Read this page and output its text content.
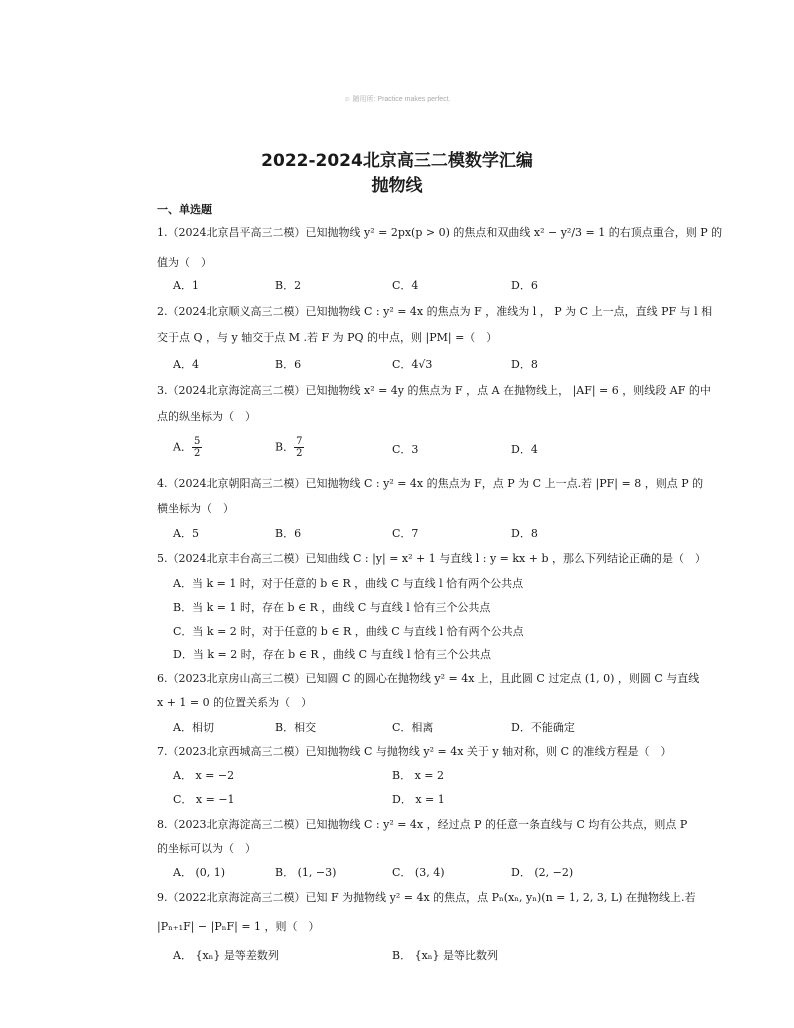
☺ 随用所: Practice makes perfect.
2022-2024北京高三二模数学汇编
抛物线
一、单选题
1.（2024北京昌平高三二模）已知抛物线 y² = 2px(p > 0) 的焦点和双曲线 x² − y²/3 = 1 的右顶点重合，则 P 的
值为（　）
A．1	B．2	C．4	D．6
2.（2024北京顺义高三二模）已知抛物线 C : y² = 4x 的焦点为 F ，准线为 l ， P 为 C 上一点，直线 PF 与 l 相
交于点 Q ，与 y 轴交于点 M .若 F 为 PQ 的中点，则 |PM| =（　）
A．4	B．6	C．4√3	D．8
3.（2024北京海淀高三二模）已知抛物线 x² = 4y 的焦点为 F ，点 A 在抛物线上， |AF| = 6 ，则线段 AF 的中
点的纵坐标为（　）
A． $\frac{5}{2}$	B． $\frac{7}{2}$	C．3	D．4
4.（2024北京朝阳高三二模）已知抛物线 C : y² = 4x 的焦点为 F，点 P 为 C 上一点.若 |PF| = 8 ，则点 P 的
横坐标为（　）
A．5	B．6	C．7	D．8
5.（2024北京丰台高三二模）已知曲线 C : |y| = x² + 1 与直线 l : y = kx + b ，那么下列结论正确的是（　）
A．当 k = 1 时，对于任意的 b ∈ R ，曲线 C 与直线 l 恰有两个公共点
B．当 k = 1 时，存在 b ∈ R ，曲线 C 与直线 l 恰有三个公共点
C．当 k = 2 时，对于任意的 b ∈ R ，曲线 C 与直线 l 恰有两个公共点
D．当 k = 2 时，存在 b ∈ R ，曲线 C 与直线 l 恰有三个公共点
6.（2023北京房山高三二模）已知圆 C 的圆心在抛物线 y² = 4x 上，且此圆 C 过定点 (1, 0) ，则圆 C 与直线
x + 1 = 0 的位置关系为（　）
A．相切	B．相交	C．相离	D．不能确定
7.（2023北京西城高三二模）已知抛物线 C 与抛物线 y² = 4x 关于 y 轴对称，则 C 的准线方程是（　）
A． x = −2	B． x = 2
C． x = −1	D． x = 1
8.（2023北京海淀高三二模）已知抛物线 C : y² = 4x ，经过点 P 的任意一条直线与 C 均有公共点，则点 P
的坐标可以为（　）
A． (0, 1)	B． (1, −3)	C． (3, 4)	D． (2, −2)
9.（2022北京海淀高三二模）已知 F 为抛物线 y² = 4x 的焦点，点 Pₙ(xₙ, yₙ)(n = 1, 2, 3, L) 在抛物线上.若
|Pₙ₊₁F| − |PₙF| = 1 ，则（　）
A． {xₙ} 是等差数列	B． {xₙ} 是等比数列
